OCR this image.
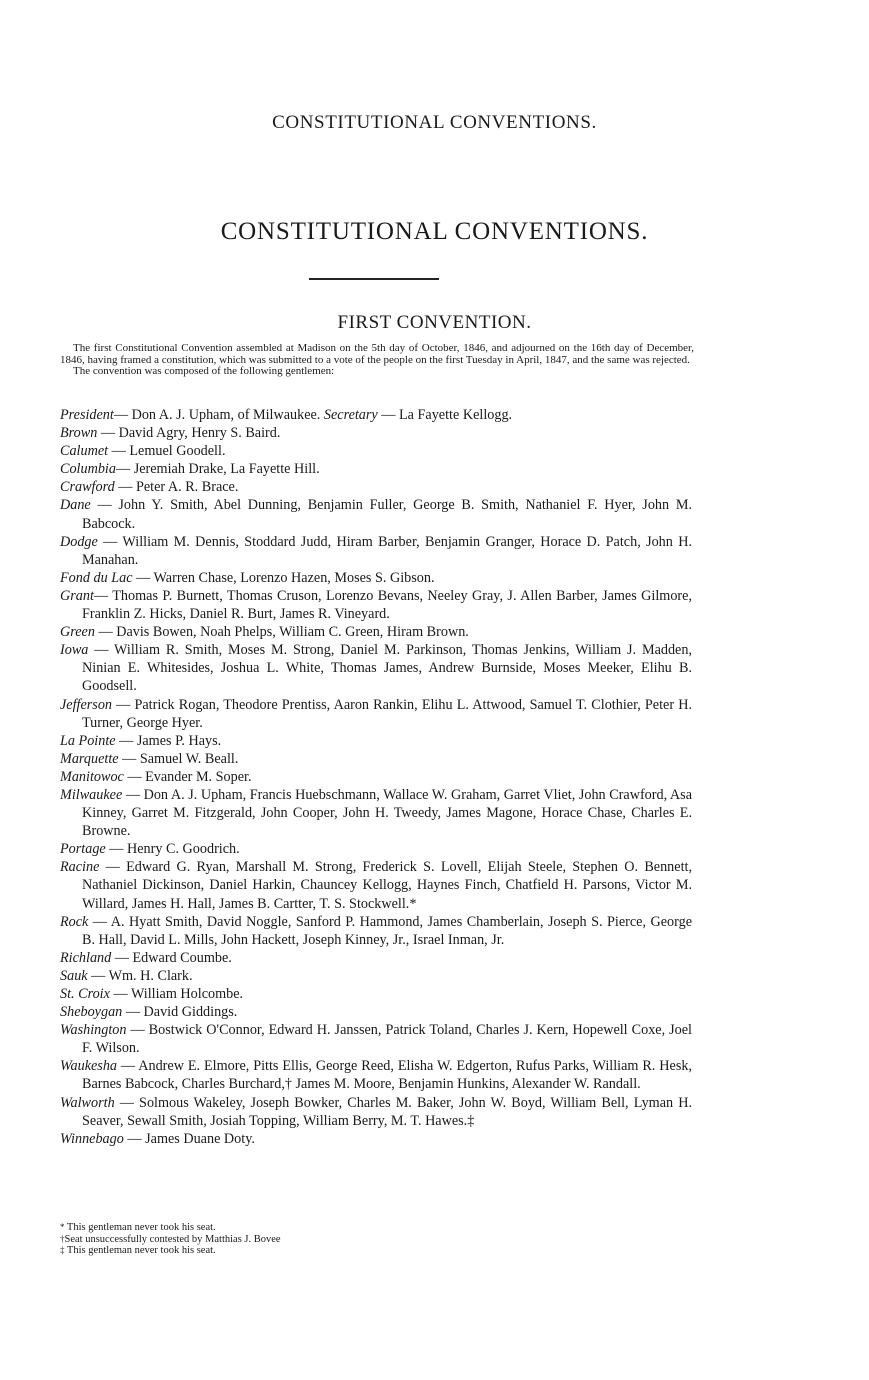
CONSTITUTIONAL CONVENTIONS.
CONSTITUTIONAL CONVENTIONS.
FIRST CONVENTION.

The first Constitutional Convention assembled at Madison on the 5th day of October, 1846, and adjourned on the 16th day of December, 1846, having framed a constitution, which was submitted to a vote of the people on the first Tuesday in April, 1847, and the same was rejected.

The convention was composed of the following gentlemen:

President— Don A. J. Upham, of Milwaukee. Secretary — La Fayette Kellogg.
Brown — David Agry, Henry S. Baird.
Calumet — Lemuel Goodell.
Columbia— Jeremiah Drake, La Fayette Hill.
Crawford — Peter A. R. Brace.
Dane — John Y. Smith, Abel Dunning, Benjamin Fuller, George B. Smith, Nathaniel F. Hyer, John M. Babcock.
Dodge — William M. Dennis, Stoddard Judd, Hiram Barber, Benjamin Granger, Horace D. Patch, John H. Manahan.
Fond du Lac — Warren Chase, Lorenzo Hazen, Moses S. Gibson.
Grant— Thomas P. Burnett, Thomas Cruson, Lorenzo Bevans, Neeley Gray, J. Allen Barber, James Gilmore, Franklin Z. Hicks, Daniel R. Burt, James R. Vineyard.
Green — Davis Bowen, Noah Phelps, William C. Green, Hiram Brown.
Iowa — William R. Smith, Moses M. Strong, Daniel M. Parkinson, Thomas Jenkins, William J. Madden, Ninian E. Whitesides, Joshua L. White, Thomas James, Andrew Burnside, Moses Meeker, Elihu B. Goodsell.
Jefferson — Patrick Rogan, Theodore Prentiss, Aaron Rankin, Elihu L. Attwood, Samuel T. Clothier, Peter H. Turner, George Hyer.
La Pointe — James P. Hays.
Marquette — Samuel W. Beall.
Manitowoc — Evander M. Soper.
Milwaukee — Don A. J. Upham, Francis Huebschmann, Wallace W. Graham, Garret Vliet, John Crawford, Asa Kinney, Garret M. Fitzgerald, John Cooper, John H. Tweedy, James Magone, Horace Chase, Charles E. Browne.
Portage — Henry C. Goodrich.
Racine — Edward G. Ryan, Marshall M. Strong, Frederick S. Lovell, Elijah Steele, Stephen O. Bennett, Nathaniel Dickinson, Daniel Harkin, Chauncey Kellogg, Haynes Finch, Chatfield H. Parsons, Victor M. Willard, James H. Hall, James B. Cartter, T. S. Stockwell.*
Rock — A. Hyatt Smith, David Noggle, Sanford P. Hammond, James Chamberlain, Joseph S. Pierce, George B. Hall, David L. Mills, John Hackett, Joseph Kinney, Jr., Israel Inman, Jr.
Richland — Edward Coumbe.
Sauk — Wm. H. Clark.
St. Croix — William Holcombe.
Sheboygan — David Giddings.
Washington — Bostwick O'Connor, Edward H. Janssen, Patrick Toland, Charles J. Kern, Hopewell Coxe, Joel F. Wilson.
Waukesha — Andrew E. Elmore, Pitts Ellis, George Reed, Elisha W. Edgerton, Rufus Parks, William R. Hesk, Barnes Babcock, Charles Burchard,† James M. Moore, Benjamin Hunkins, Alexander W. Randall.
Walworth — Solmous Wakeley, Joseph Bowker, Charles M. Baker, John W. Boyd, William Bell, Lyman H. Seaver, Sewall Smith, Josiah Topping, William Berry, M. T. Hawes.‡
Winnebago — James Duane Doty.
* This gentleman never took his seat.
†Seat unsuccessfully contested by Matthias J. Bovee
‡ This gentleman never took his seat.
